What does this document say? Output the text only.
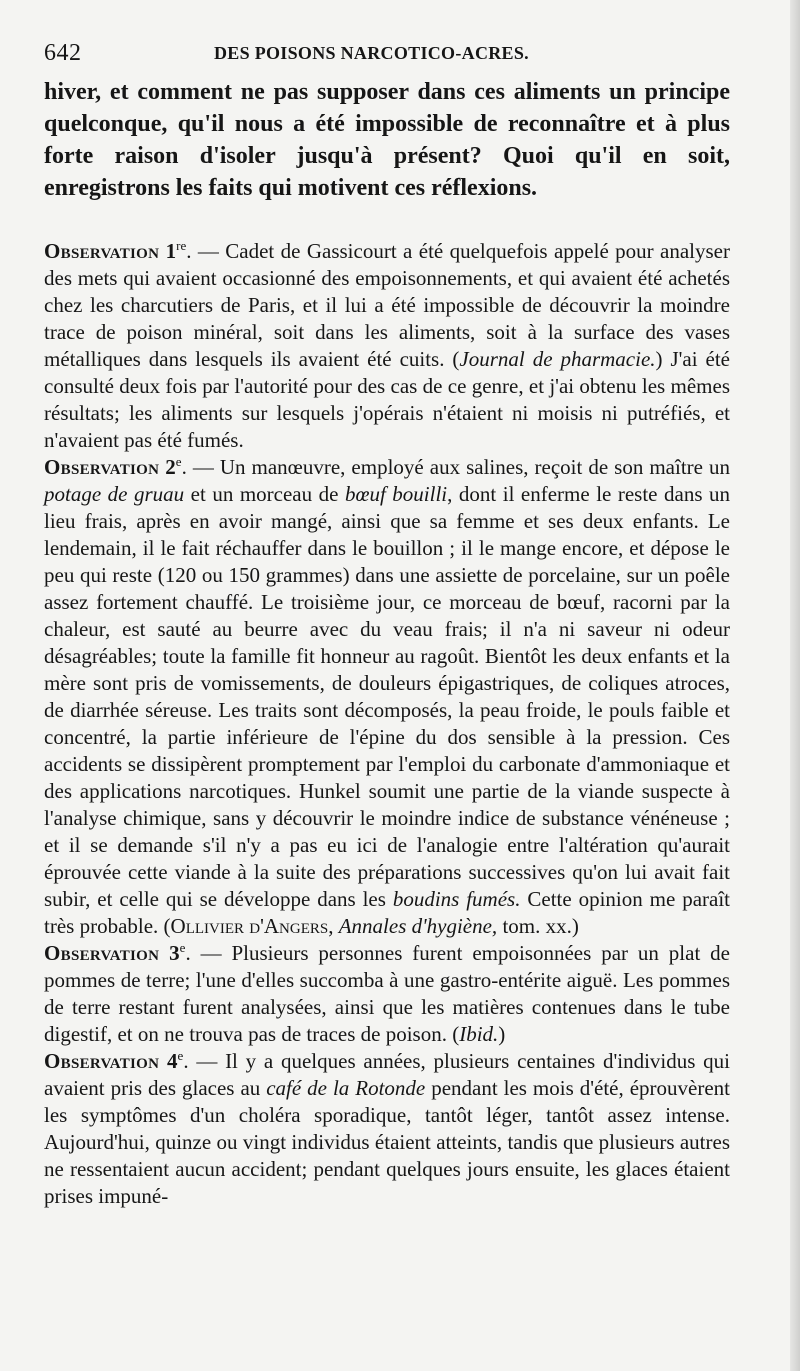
642	DES POISONS NARCOTICO-ACRES.

hiver, et comment ne pas supposer dans ces aliments un principe quelconque, qu'il nous a été impossible de reconnaître et à plus forte raison d'isoler jusqu'à présent? Quoi qu'il en soit, enregistrons les faits qui motivent ces réflexions.

Observation 1re. — Cadet de Gassicourt a été quelquefois appelé pour analyser des mets qui avaient occasionné des empoisonnements, et qui avaient été achetés chez les charcutiers de Paris, et il lui a été impossible de découvrir la moindre trace de poison minéral, soit dans les aliments, soit à la surface des vases métalliques dans lesquels ils avaient été cuits. (Journal de pharmacie.) J'ai été consulté deux fois par l'autorité pour des cas de ce genre, et j'ai obtenu les mêmes résultats; les aliments sur lesquels j'opérais n'étaient ni moisis ni putréfiés, et n'avaient pas été fumés.

Observation 2e. — Un manœuvre, employé aux salines, reçoit de son maître un potage de gruau et un morceau de bœuf bouilli, dont il enferme le reste dans un lieu frais, après en avoir mangé, ainsi que sa femme et ses deux enfants. Le lendemain, il le fait réchauffer dans le bouillon ; il le mange encore, et dépose le peu qui reste (120 ou 150 grammes) dans une assiette de porcelaine, sur un poêle assez fortement chauffé. Le troisième jour, ce morceau de bœuf, racorni par la chaleur, est sauté au beurre avec du veau frais; il n'a ni saveur ni odeur désagréables; toute la famille fit honneur au ragoût. Bientôt les deux enfants et la mère sont pris de vomissements, de douleurs épigastriques, de coliques atroces, de diarrhée séreuse. Les traits sont décomposés, la peau froide, le pouls faible et concentré, la partie inférieure de l'épine du dos sensible à la pression. Ces accidents se dissipèrent promptement par l'emploi du carbonate d'ammoniaque et des applications narcotiques. Hunkel soumit une partie de la viande suspecte à l'analyse chimique, sans y découvrir le moindre indice de substance vénéneuse ; et il se demande s'il n'y a pas eu ici de l'analogie entre l'altération qu'aurait éprouvée cette viande à la suite des préparations successives qu'on lui avait fait subir, et celle qui se développe dans les boudins fumés. Cette opinion me paraît très probable. (Ollivier d'Angers, Annales d'hygiène, tom. xx.)

Observation 3e. — Plusieurs personnes furent empoisonnées par un plat de pommes de terre; l'une d'elles succomba à une gastro-entérite aiguë. Les pommes de terre restant furent analysées, ainsi que les matières contenues dans le tube digestif, et on ne trouva pas de traces de poison. (Ibid.)

Observation 4e. — Il y a quelques années, plusieurs centaines d'individus qui avaient pris des glaces au café de la Rotonde pendant les mois d'été, éprouvèrent les symptômes d'un choléra sporadique, tantôt léger, tantôt assez intense. Aujourd'hui, quinze ou vingt individus étaient atteints, tandis que plusieurs autres ne ressentaient aucun accident; pendant quelques jours ensuite, les glaces étaient prises impuné-
